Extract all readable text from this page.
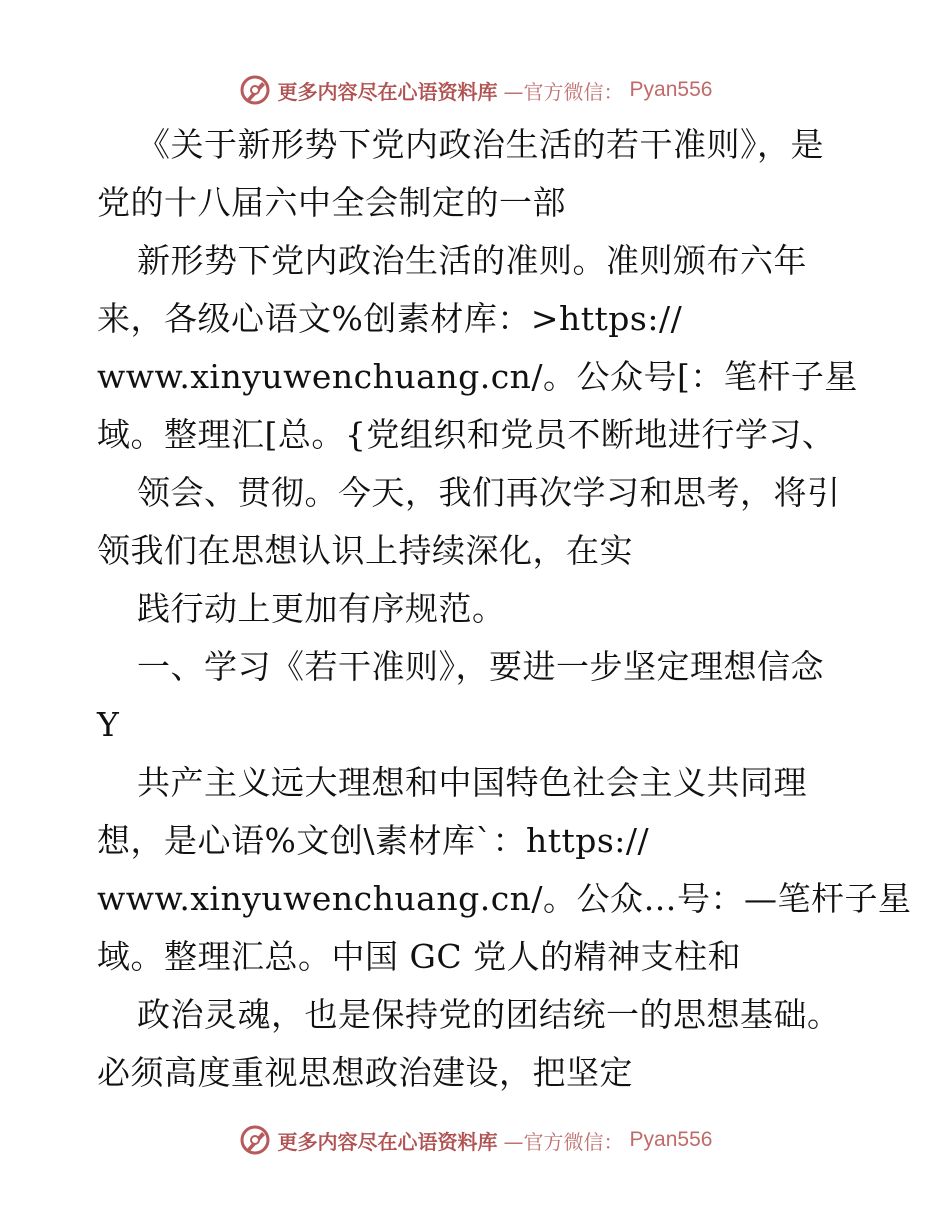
更多内容尽在心语资料库 —官方微信： Pyan556
《关于新形势下党内政治生活的若干准则》，是
党的十八届六中全会制定的一部
新形势下党内政治生活的准则。准则颁布六年
来，各级心语文%创素材库：>https://
www.xinyuwenchuang.cn/。公众号[：笔杆子星
域。整理汇[总。{党组织和党员不断地进行学习、
领会、贯彻。今天，我们再次学习和思考，将引
领我们在思想认识上持续深化，在实
践行动上更加有序规范。
一、学习《若干准则》，要进一步坚定理想信念
Y
共产主义远大理想和中国特色社会主义共同理
想，是心语%文创\素材库`：https://
www.xinyuwenchuang.cn/。公众…号：—笔杆子星
域。整理汇总。中国 GC 党人的精神支柱和
政治灵魂，也是保持党的团结统一的思想基础。
必须高度重视思想政治建设，把坚定
更多内容尽在心语资料库 —官方微信： Pyan556
